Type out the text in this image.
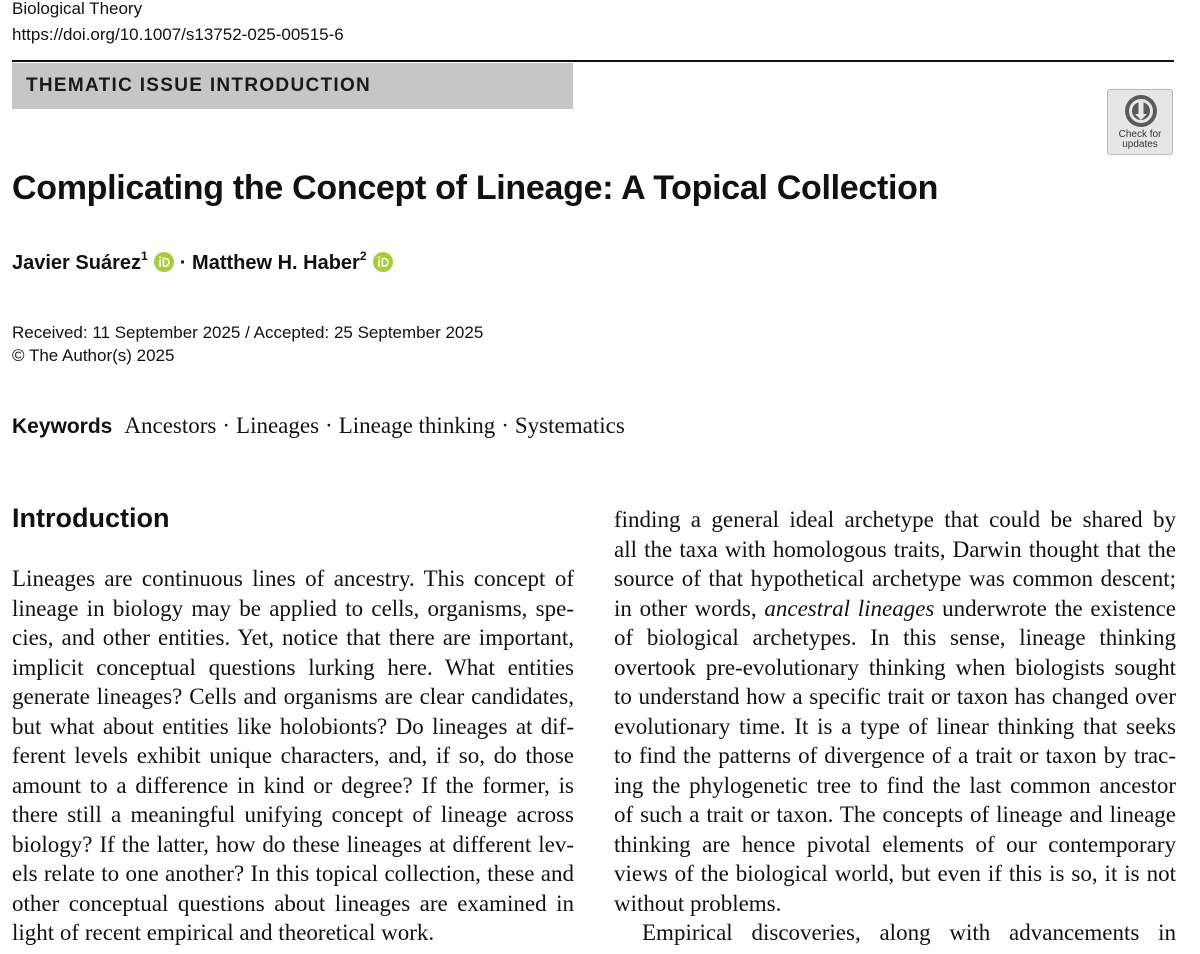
Biological Theory
https://doi.org/10.1007/s13752-025-00515-6
THEMATIC ISSUE INTRODUCTION
Check for
updates
Complicating the Concept of Lineage: A Topical Collection
Javier Suárez$^1$ · Matthew H. Haber$^2$
Received: 11 September 2025 / Accepted: 25 September 2025
© The Author(s) 2025
Keywords Ancestors · Lineages · Lineage thinking · Systematics
Introduction

Lineages are continuous lines of ancestry. This concept of
lineage in biology may be applied to cells, organisms, spe-
cies, and other entities. Yet, notice that there are important,
implicit conceptual questions lurking here. What entities
generate lineages? Cells and organisms are clear candidates,
but what about entities like holobionts? Do lineages at dif-
ferent levels exhibit unique characters, and, if so, do those
amount to a difference in kind or degree? If the former, is
there still a meaningful unifying concept of lineage across
biology? If the latter, how do these lineages at different lev-
els relate to one another? In this topical collection, these and
other conceptual questions about lineages are examined in
light of recent empirical and theoretical work.

finding a general ideal archetype that could be shared by
all the taxa with homologous traits, Darwin thought that the
source of that hypothetical archetype was common descent;
in other words, ancestral lineages underwrote the existence
of biological archetypes. In this sense, lineage thinking
overtook pre-evolutionary thinking when biologists sought
to understand how a specific trait or taxon has changed over
evolutionary time. It is a type of linear thinking that seeks
to find the patterns of divergence of a trait or taxon by trac-
ing the phylogenetic tree to find the last common ancestor
of such a trait or taxon. The concepts of lineage and lineage
thinking are hence pivotal elements of our contemporary
views of the biological world, but even if this is so, it is not
without problems.

Empirical discoveries, along with advancements in
